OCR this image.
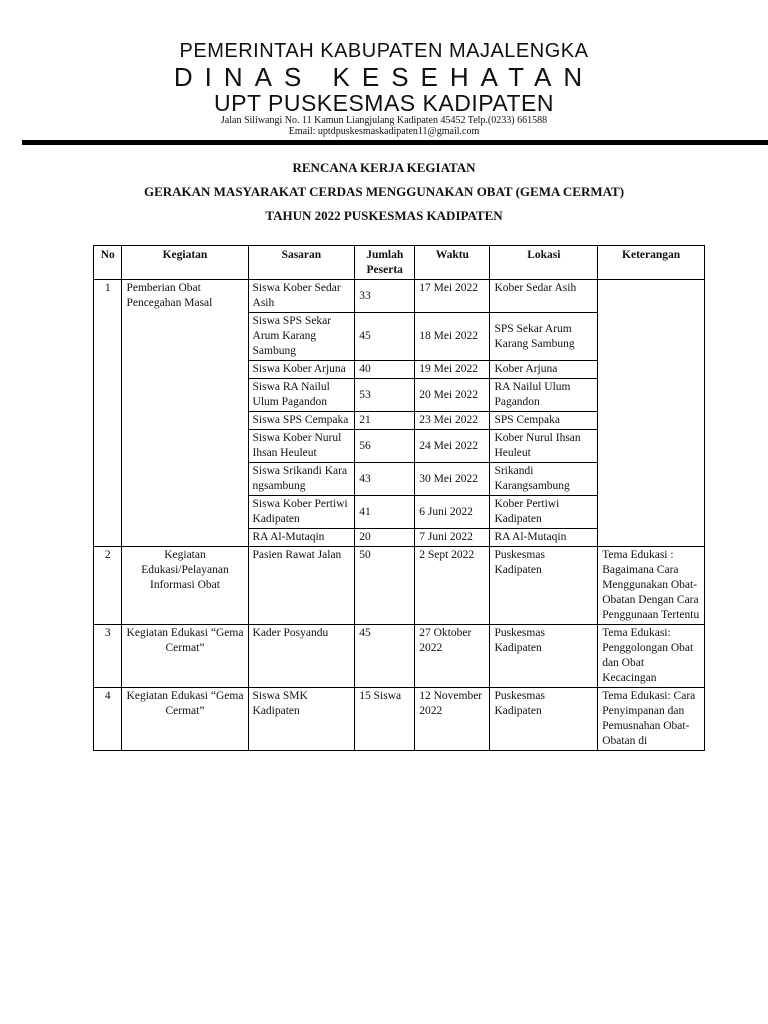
PEMERINTAH KABUPATEN MAJALENGKA
DINAS KESEHATAN
UPT PUSKESMAS KADIPATEN
Jalan Siliwangi No. 11 Kamun Liangjulang Kadipaten 45452 Telp.(0233) 661588
Email: uptdpuskesmaskadipaten11@gmail.com
RENCANA KERJA KEGIATAN
GERAKAN MASYARAKAT CERDAS MENGGUNAKAN OBAT (GEMA CERMAT)
TAHUN 2022 PUSKESMAS KADIPATEN
No	Kegiatan	Sasaran	Jumlah Peserta	Waktu	Lokasi	Keterangan
1	Pemberian Obat Pencegahan Masal	Siswa Kober Sedar Asih	33	17 Mei 2022	Kober Sedar Asih	
		Siswa SPS Sekar Arum Karang Sambung	45	18 Mei 2022	SPS Sekar Arum Karang Sambung	
		Siswa Kober Arjuna	40	19 Mei 2022	Kober Arjuna	
		Siswa RA Nailul Ulum Pagandon	53	20 Mei 2022	RA Nailul Ulum Pagandon	
		Siswa SPS Cempaka	21	23 Mei 2022	SPS Cempaka	
		Siswa Kober Nurul Ihsan Heuleut	56	24 Mei 2022	Kober Nurul Ihsan Heuleut	
		Siswa Srikandi Karangsambung	43	30 Mei 2022	Srikandi Karangsambung	
		Siswa Kober Pertiwi Kadipaten	41	6 Juni 2022	Kober Pertiwi Kadipaten	
		RA Al-Mutaqin	20	7 Juni 2022	RA Al-Mutaqin	
2	Kegiatan Edukasi/Pelayanan Informasi Obat	Pasien Rawat Jalan	50	2 Sept 2022	Puskesmas Kadipaten	Tema Edukasi : Bagaimana Cara Menggunakan Obat-Obatan Dengan Cara Penggunaan Tertentu
3	Kegiatan Edukasi “Gema Cermat”	Kader Posyandu	45	27 Oktober 2022	Puskesmas Kadipaten	Tema Edukasi: Penggolongan Obat dan Obat Kecacingan
4	Kegiatan Edukasi “Gema Cermat”	Siswa SMK Kadipaten	15 Siswa	12 November 2022	Puskesmas Kadipaten	Tema Edukasi: Cara Penyimpanan dan Pemusnahan Obat-Obatan di
